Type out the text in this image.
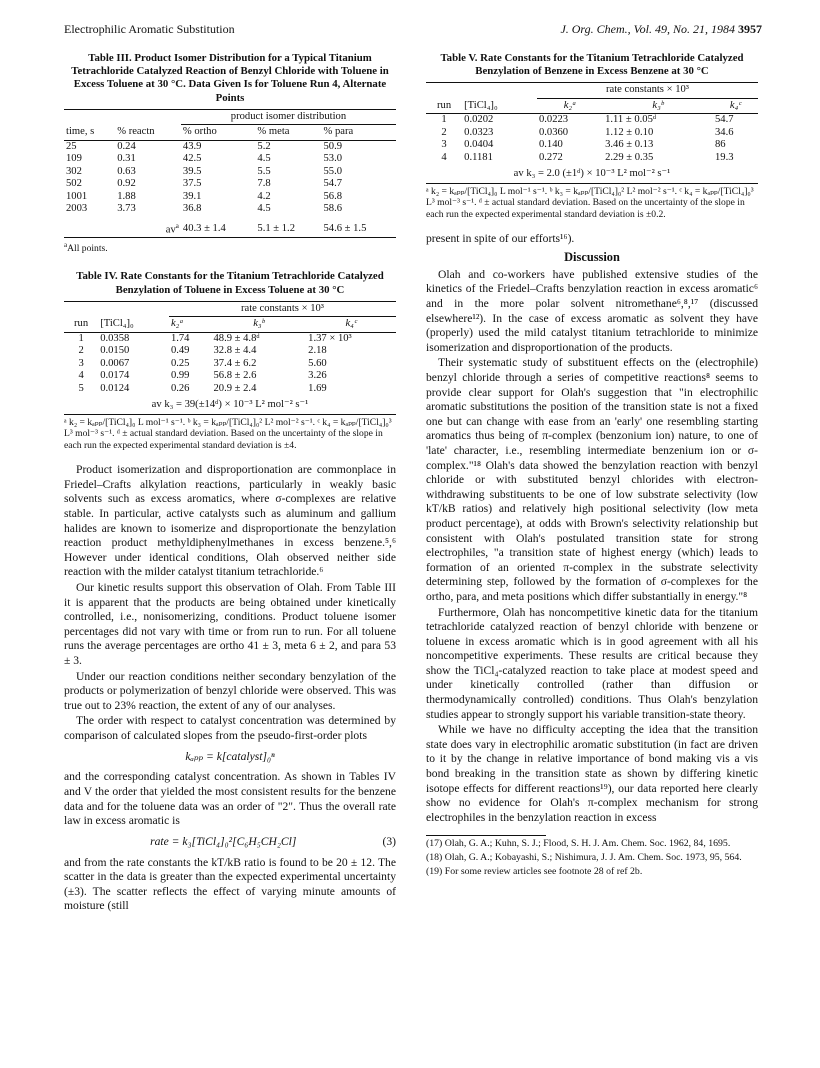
Electrophilic Aromatic Substitution	J. Org. Chem., Vol. 49, No. 21, 1984 3957
Table III. Product Isomer Distribution for a Typical Titanium Tetrachloride Catalyzed Reaction of Benzyl Chloride with Toluene in Excess Toluene at 30 °C. Data Given Is for Toluene Run 4, Alternate Points
		product isomer distribution		
time, s	% reactn	% ortho	% meta	% para
25	0.24	43.9	5.2	50.9
109	0.31	42.5	4.5	53.0
302	0.63	39.5	5.5	55.0
502	0.92	37.5	7.8	54.7
1001	1.88	39.1	4.2	56.8
2003	3.73	36.8	4.5	58.6
	$av^a$	40.3 ± 1.4	5.1 ± 1.2	54.6 ± 1.5
$^a$All points.
Table IV. Rate Constants for the Titanium Tetrachloride Catalyzed Benzylation of Toluene in Excess Toluene at 30 °C
		rate constants × 10³		
run	[TiCl₄]₀	k₂ᵃ	k₃ᵇ	k₄ᶜ
1	0.0358	1.74	48.9 ± 4.8ᵈ	1.37 × 10³
2	0.0150	0.49	32.8 ± 4.4	2.18
3	0.0067	0.25	37.4 ± 6.2	5.60
4	0.0174	0.99	56.8 ± 2.6	3.26
5	0.0124	0.26	20.9 ± 2.4	1.69
av k₃ = 39(±14ᵈ) × 10⁻³ L² mol⁻² s⁻¹
ᵃ k₂ = kₐₚₚ/[TiCl₄]₀ L mol⁻¹ s⁻¹. ᵇ k₃ = kₐₚₚ/[TiCl₄]₀² L² mol⁻² s⁻¹. ᶜ k₄ = kₐₚₚ/[TiCl₄]₀³ L³ mol⁻³ s⁻¹. ᵈ ± actual standard deviation. Based on the uncertainty of the slope in each run the expected experimental standard deviation is ±4.

Product isomerization and disproportionation are commonplace in Friedel–Crafts alkylation reactions, particularly in weakly basic solvents such as excess aromatics, where σ-complexes are relative stable. In particular, active catalysts such as aluminum and gallium halides are known to isomerize and disproportionate the benzylation reaction product methyldiphenylmethanes in excess benzene.⁵,⁶ However under identical conditions, Olah observed neither side reaction with the milder catalyst titanium tetrachloride.⁶

Our kinetic results support this observation of Olah. From Table III it is apparent that the products are being obtained under kinetically controlled, i.e., nonisomerizing, conditions. Product toluene isomer percentages did not vary with time or from run to run. For all toluene runs the average percentages are ortho 41 ± 3, meta 6 ± 2, and para 53 ± 3.

Under our reaction conditions neither secondary benzylation of the products or polymerization of benzyl chloride were observed. This was true out to 23% reaction, the extent of any of our analyses.

The order with respect to catalyst concentration was determined by comparison of calculated slopes from the pseudo-first-order plots

kₐₚₚ = k[catalyst]₀ⁿ

and the corresponding catalyst concentration. As shown in Tables IV and V the order that yielded the most consistent results for the benzene data and for the toluene data was an order of "2". Thus the overall rate law in excess aromatic is

rate = k₃[TiCl₄]₀²[C₆H₅CH₂Cl]	(3)

and from the rate constants the kT/kB ratio is found to be 20 ± 12. The scatter in the data is greater than the expected experimental uncertainty (±3). The scatter reflects the effect of varying minute amounts of moisture (still

Table V. Rate Constants for the Titanium Tetrachloride Catalyzed Benzylation of Benzene in Excess Benzene at 30 °C
		rate constants × 10³		
run	[TiCl₄]₀	k₂ᵃ	k₃ᵇ	k₄ᶜ
1	0.0202	0.0223	1.11 ± 0.05ᵈ	54.7
2	0.0323	0.0360	1.12 ± 0.10	34.6
3	0.0404	0.140	3.46 ± 0.13	86
4	0.1181	0.272	2.29 ± 0.35	19.3
av k₃ = 2.0 (±1ᵈ) × 10⁻³ L² mol⁻² s⁻¹
ᵃ k₂ = kₐₚₚ/[TiCl₄]₀ L mol⁻¹ s⁻¹. ᵇ k₃ = kₐₚₚ/[TiCl₄]₀² L² mol⁻² s⁻¹. ᶜ k₄ = kₐₚₚ/[TiCl₄]₀³ L³ mol⁻³ s⁻¹. ᵈ ± actual standard deviation. Based on the uncertainty of the slope in each run the expected experimental standard deviation is ±0.2.

present in spite of our efforts¹⁶).

Discussion

Olah and co-workers have published extensive studies of the kinetics of the Friedel–Crafts benzylation reaction in excess aromatic⁶ and in the more polar solvent nitromethane⁶,⁸,¹⁷ (discussed elsewhere¹²). In the case of excess aromatic as solvent they have (properly) used the mild catalyst titanium tetrachloride to minimize isomerization and disproportionation of the products.

Their systematic study of substituent effects on the (electrophile) benzyl chloride through a series of competitive reactions⁸ seems to provide clear support for Olah's suggestion that "in electrophilic aromatic substitutions the position of the transition state is not a fixed one but can change with ease from an 'early' one resembling starting aromatics thus being of π-complex (benzonium ion) nature, to one of 'late' character, i.e., resembling intermediate benzenium ion or σ-complex."¹⁸ Olah's data showed the benzylation reaction with benzyl chloride or with substituted benzyl chlorides with electron-withdrawing substituents to be one of low substrate selectivity (low kT/kB ratios) and relatively high positional selectivity (low meta product percentage), at odds with Brown's selectivity relationship but consistent with Olah's postulated transition state for strong electrophiles, "a transition state of highest energy (which) leads to formation of an oriented π-complex in the substrate selectivity determining step, followed by the formation of σ-complexes for the ortho, para, and meta positions which differ substantially in energy."⁸

Furthermore, Olah has noncompetitive kinetic data for the titanium tetrachloride catalyzed reaction of benzyl chloride with benzene or toluene in excess aromatic which is in good agreement with all his noncompetitive experiments. These results are critical because they show the TiCl₄-catalyzed reaction to take place at modest speed and under kinetically controlled (rather than diffusion or thermodynamically controlled) conditions. Thus Olah's benzylation studies appear to strongly support his variable transition-state theory.

While we have no difficulty accepting the idea that the transition state does vary in electrophilic aromatic substitution (in fact are driven to it by the change in relative importance of bond making vis a vis bond breaking in the transition state as shown by differing kinetic isotope effects for different reactions¹⁹), our data reported here clearly show no evidence for Olah's π-complex mechanism for strong electrophiles in the benzylation reaction in excess

(17) Olah, G. A.; Kuhn, S. J.; Flood, S. H. J. Am. Chem. Soc. 1962, 84, 1695.
(18) Olah, G. A.; Kobayashi, S.; Nishimura, J. J. Am. Chem. Soc. 1973, 95, 564.
(19) For some review articles see footnote 28 of ref 2b.
